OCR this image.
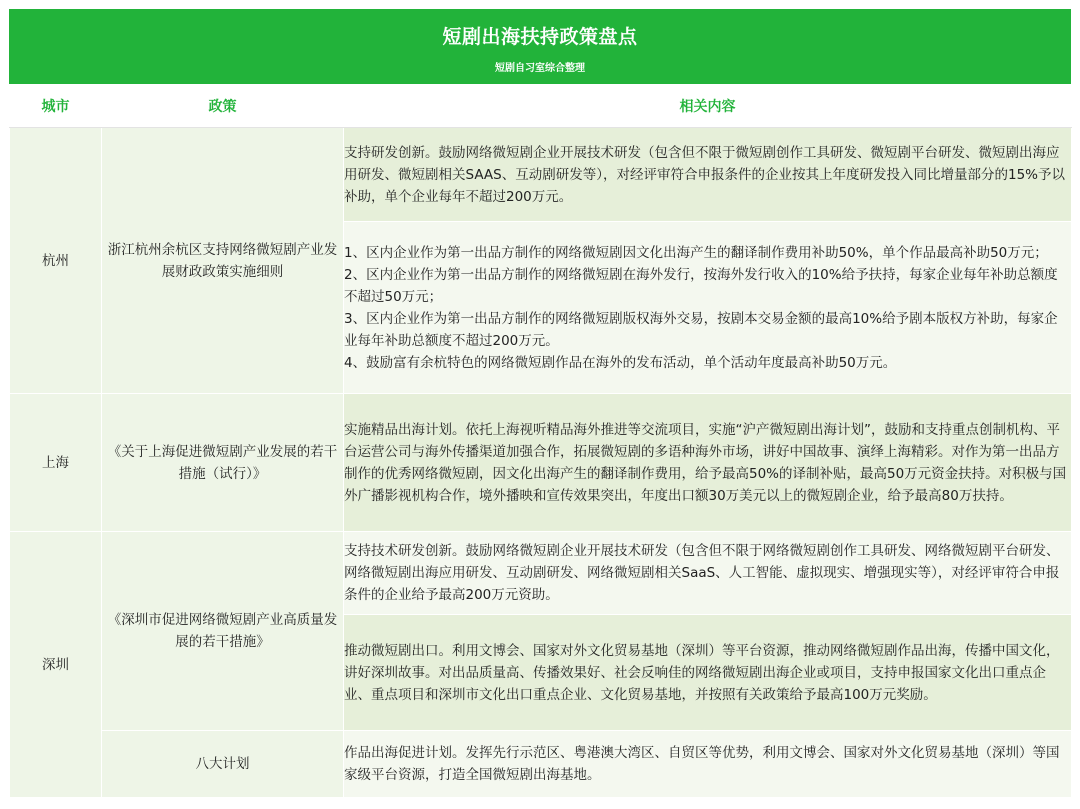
短剧出海扶持政策盘点
短剧自习室综合整理
城市	政策	相关内容
杭州	浙江杭州余杭区支持网络微短剧产业发展财政政策实施细则	支持研发创新。鼓励网络微短剧企业开展技术研发（包含但不限于微短剧创作工具研发、微短剧平台研发、微短剧出海应用研发、微短剧相关SAAS、互动剧研发等），对经评审符合申报条件的企业按其上年度研发投入同比增量部分的15%予以补助，单个企业每年不超过200万元。

		1、区内企业作为第一出品方制作的网络微短剧因文化出海产生的翻译制作费用补助50%，单个作品最高补助50万元；
2、区内企业作为第一出品方制作的网络微短剧在海外发行，按海外发行收入的10%给予扶持，每家企业每年补助总额度不超过50万元；
3、区内企业作为第一出品方制作的网络微短剧版权海外交易，按剧本交易金额的最高10%给予剧本版权方补助，每家企业每年补助总额度不超过200万元。
4、鼓励富有余杭特色的网络微短剧作品在海外的发布活动，单个活动年度最高补助50万元。

上海	《关于上海促进微短剧产业发展的若干措施（试行）》	实施精品出海计划。依托上海视听精品海外推进等交流项目，实施“沪产微短剧出海计划”，鼓励和支持重点创制机构、平台运营公司与海外传播渠道加强合作，拓展微短剧的多语种海外市场，讲好中国故事、演绎上海精彩。对作为第一出品方制作的优秀网络微短剧，因文化出海产生的翻译制作费用，给予最高50%的译制补贴，最高50万元资金扶持。对积极与国外广播影视机构合作，境外播映和宣传效果突出，年度出口额30万美元以上的微短剧企业，给予最高80万扶持。
深圳	《深圳市促进网络微短剧产业高质量发展的若干措施》	支持技术研发创新。鼓励网络微短剧企业开展技术研发（包含但不限于网络微短剧创作工具研发、网络微短剧平台研发、网络微短剧出海应用研发、互动剧研发、网络微短剧相关SaaS、人工智能、虚拟现实、增强现实等），对经评审符合申报条件的企业给予最高200万元资助。
		推动微短剧出口。利用文博会、国家对外文化贸易基地（深圳）等平台资源，推动网络微短剧作品出海，传播中国文化，讲好深圳故事。对出品质量高、传播效果好、社会反响佳的网络微短剧出海企业或项目，支持申报国家文化出口重点企业、重点项目和深圳市文化出口重点企业、文化贸易基地，并按照有关政策给予最高100万元奖励。
	八大计划	作品出海促进计划。发挥先行示范区、粤港澳大湾区、自贸区等优势，利用文博会、国家对外文化贸易基地（深圳）等国家级平台资源，打造全国微短剧出海基地。
